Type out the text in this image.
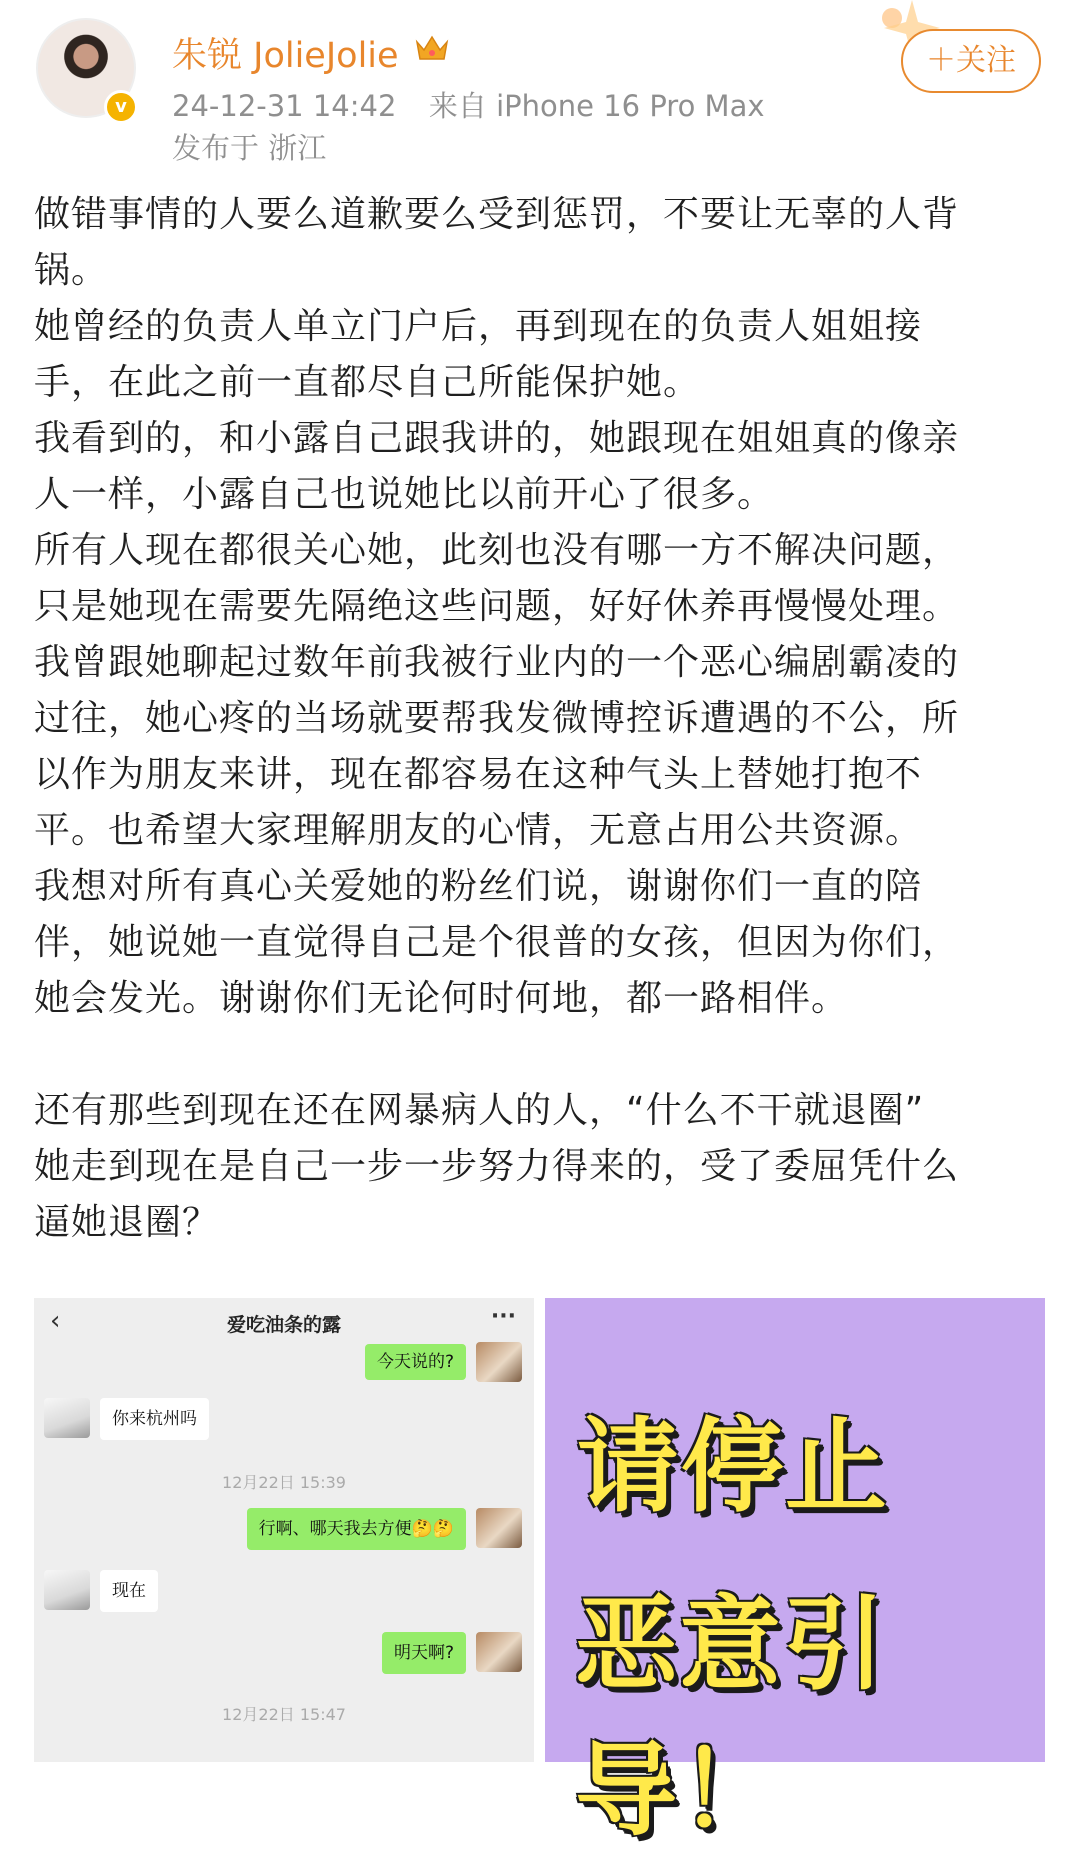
v
朱锐 JolieJolie
24-12-31 14:42 来自 iPhone 16 Pro Max
发布于 浙江
＋关注

做错事情的人要么道歉要么受到惩罚，不要让无辜的人背

锅。

她曾经的负责人单立门户后，再到现在的负责人姐姐接

手，在此之前一直都尽自己所能保护她。

我看到的，和小露自己跟我讲的，她跟现在姐姐真的像亲

人一样，小露自己也说她比以前开心了很多。

所有人现在都很关心她，此刻也没有哪一方不解决问题，

只是她现在需要先隔绝这些问题，好好休养再慢慢处理。

我曾跟她聊起过数年前我被行业内的一个恶心编剧霸凌的

过往，她心疼的当场就要帮我发微博控诉遭遇的不公，所

以作为朋友来讲，现在都容易在这种气头上替她打抱不

平。也希望大家理解朋友的心情，无意占用公共资源。

我想对所有真心关爱她的粉丝们说，谢谢你们一直的陪

伴，她说她一直觉得自己是个很普的女孩，但因为你们，

她会发光。谢谢你们无论何时何地，都一路相伴。

还有那些到现在还在网暴病人的人，“什么不干就退圈”

她走到现在是自己一步一步努力得来的，受了委屈凭什么

逼她退圈？

‹	爱吃油条的露	···
今天说的?
你来杭州吗
12月22日 15:39
行啊、哪天我去方便🤔🤔
现在
明天啊?
12月22日 15:47
请停止
恶意引导！
